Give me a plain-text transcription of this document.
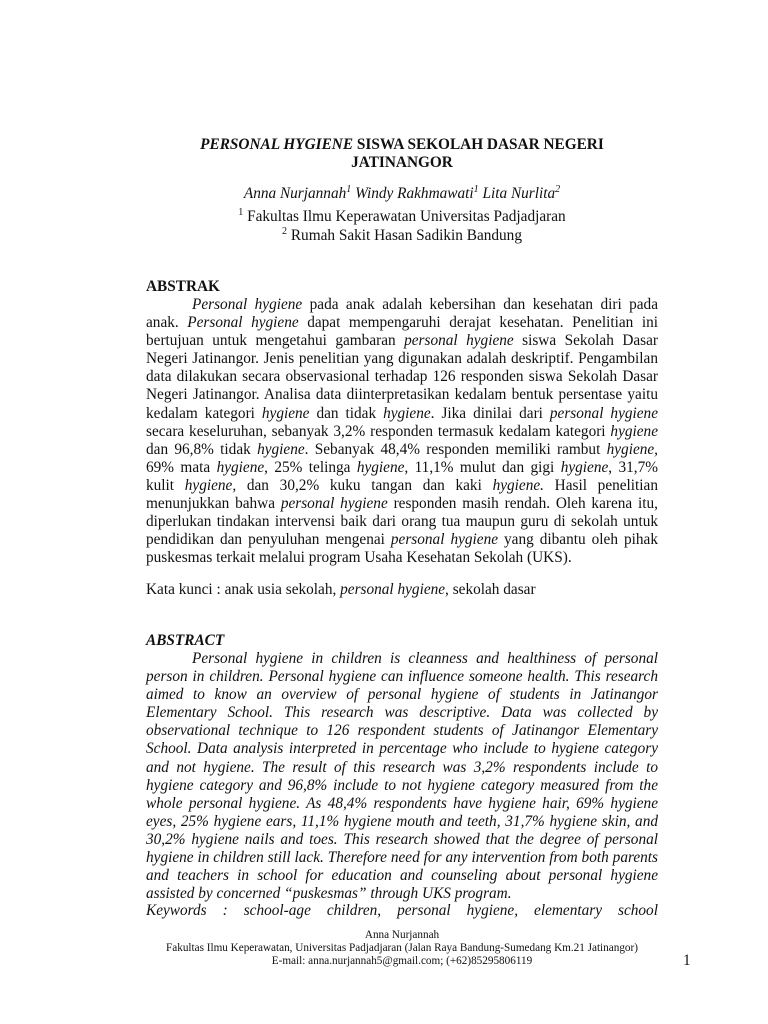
PERSONAL HYGIENE SISWA SEKOLAH DASAR NEGERI
JATINANGOR
Anna Nurjannah$^1$ Windy Rakhmawati$^1$ Lita Nurlita$^2$
$^1$ Fakultas Ilmu Keperawatan Universitas Padjadjaran
$^2$ Rumah Sakit Hasan Sadikin Bandung
ABSTRAK

Personal hygiene pada anak adalah kebersihan dan kesehatan diri pada anak. Personal hygiene dapat mempengaruhi derajat kesehatan. Penelitian ini bertujuan untuk mengetahui gambaran personal hygiene siswa Sekolah Dasar Negeri Jatinangor. Jenis penelitian yang digunakan adalah deskriptif. Pengambilan data dilakukan secara observasional terhadap 126 responden siswa Sekolah Dasar Negeri Jatinangor. Analisa data diinterpretasikan kedalam bentuk persentase yaitu kedalam kategori hygiene dan tidak hygiene. Jika dinilai dari personal hygiene secara keseluruhan, sebanyak 3,2% responden termasuk kedalam kategori hygiene dan 96,8% tidak hygiene. Sebanyak 48,4% responden memiliki rambut hygiene, 69% mata hygiene, 25% telinga hygiene, 11,1% mulut dan gigi hygiene, 31,7% kulit hygiene, dan 30,2% kuku tangan dan kaki hygiene. Hasil penelitian menunjukkan bahwa personal hygiene responden masih rendah. Oleh karena itu, diperlukan tindakan intervensi baik dari orang tua maupun guru di sekolah untuk pendidikan dan penyuluhan mengenai personal hygiene yang dibantu oleh pihak puskesmas terkait melalui program Usaha Kesehatan Sekolah (UKS).

Kata kunci : anak usia sekolah, personal hygiene, sekolah dasar
ABSTRACT

Personal hygiene in children is cleanness and healthiness of personal person in children. Personal hygiene can influence someone health. This research aimed to know an overview of personal hygiene of students in Jatinangor Elementary School. This research was descriptive. Data was collected by observational technique to 126 respondent students of Jatinangor Elementary School. Data analysis interpreted in percentage who include to hygiene category and not hygiene. The result of this research was 3,2% respondents include to hygiene category and 96,8% include to not hygiene category measured from the whole personal hygiene. As 48,4% respondents have hygiene hair, 69% hygiene eyes, 25% hygiene ears, 11,1% hygiene mouth and teeth, 31,7% hygiene skin, and 30,2% hygiene nails and toes. This research showed that the degree of personal hygiene in children still lack. Therefore need for any intervention from both parents and teachers in school for education and counseling about personal hygiene assisted by concerned “puskesmas” through UKS program.

Keywords : school-age children, personal hygiene, elementary school
Anna Nurjannah
Fakultas Ilmu Keperawatan, Universitas Padjadjaran (Jalan Raya Bandung-Sumedang Km.21 Jatinangor)
E-mail: anna.nurjannah5@gmail.com; (+62)85295806119	1
